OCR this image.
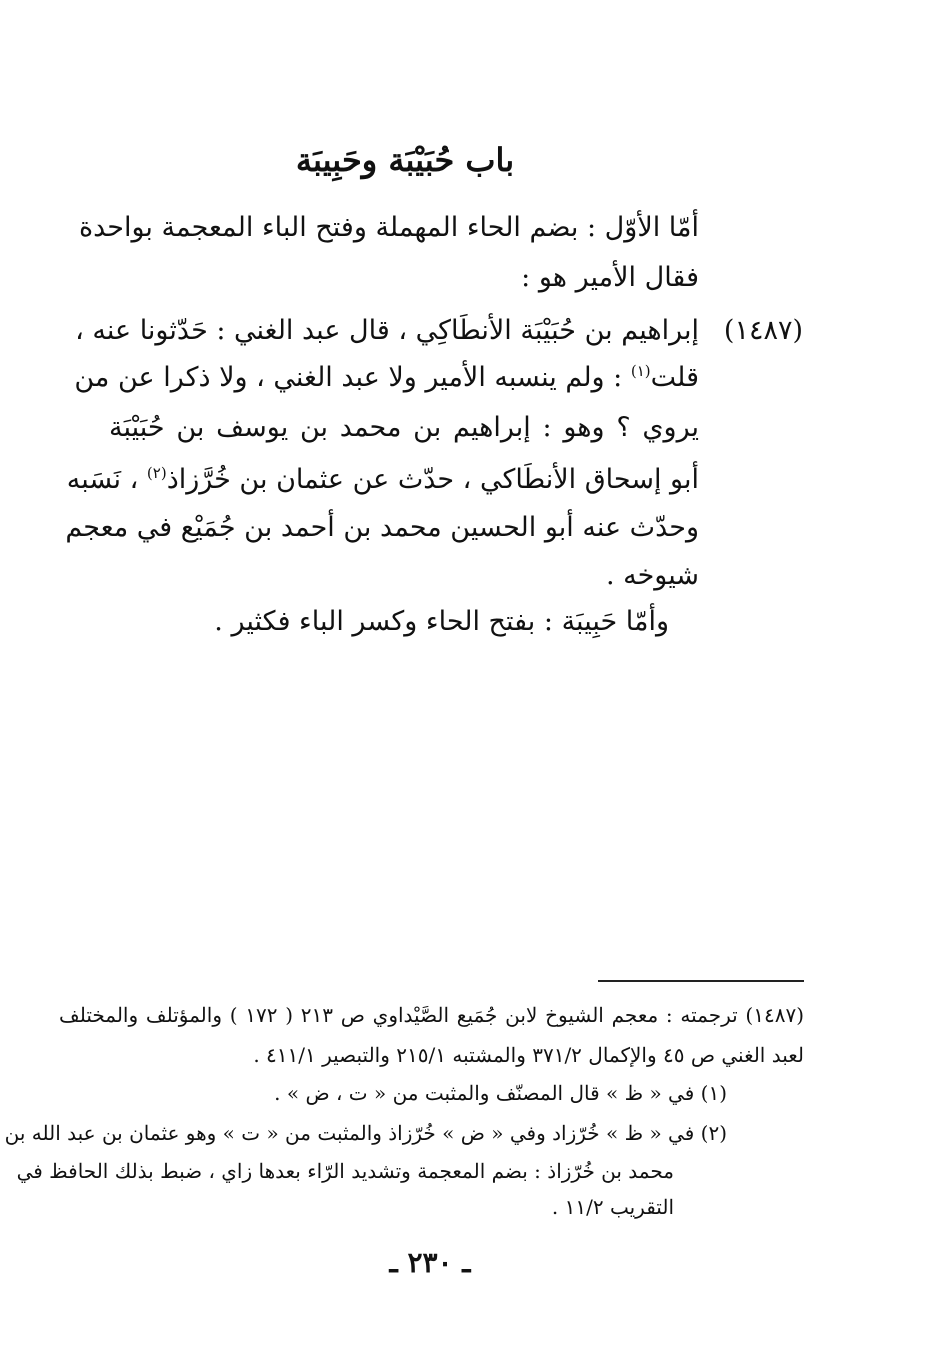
باب حُبَيْبَة وحَبِيبَة
أمّا الأوّل : بضم الحاء المهملة وفتح الباء المعجمة بواحدة
فقال الأمير هو :
(١٤٨٧)
إبراهيم بن حُبَيْبَة الأنطَاكِي ، قال عبد الغني : حَدّثونا عنه ،
قلت$^{(١)}$ : ولم ينسبه الأمير ولا عبد الغني ، ولا ذكرا عن من
يروي ؟ وهو : إبراهيم بن محمد بن يوسف بن حُبَيْبَة
أبو إسحاق الأنطَاكي ، حدّث عن عثمان بن خُرَّزاذ$^{(٢)}$ ، نَسَبه
وحدّث عنه أبو الحسين محمد بن أحمد بن جُمَيْع في معجم
شيوخه .
وأمّا حَبِيبَة : بفتح الحاء وكسر الباء فكثير .
(١٤٨٧) ترجمته : معجم الشيوخ لابن جُمَيع الصَّيْداوي ص ٢١٣ ( ١٧٢ ) والمؤتلف والمختلف
لعبد الغني ص ٤٥ والإكمال ٣٧١/٢ والمشتبه ٢١٥/١ والتبصير ٤١١/١ .
(١) في « ظ » قال المصنّف والمثبت من « ت ، ض » .
(٢) في « ظ » خُرّزاد وفي « ض » خُرّزاذ والمثبت من « ت » وهو عثمان بن عبد الله بن
محمد بن خُرّزاذ : بضم المعجمة وتشديد الرّاء بعدها زاي ، ضبط بذلك الحافظ في
التقريب ١١/٢ .
ـ ٢٣٠ ـ
